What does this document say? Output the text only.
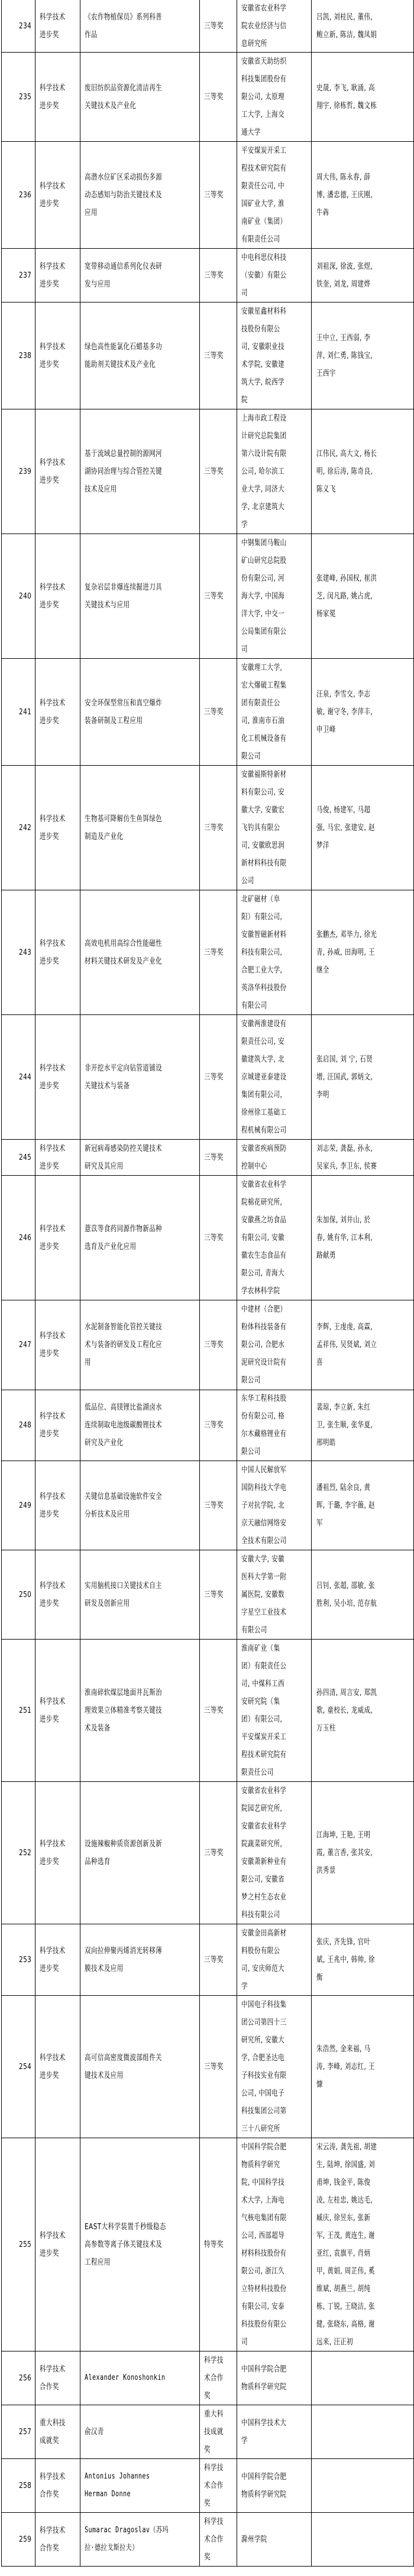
234
科学技术
进步奖
《农作物植保员》系列科普
作品
三等奖
安徽省农业科学
院农业经济与信
息研究所
吕凯, 刘桂民, 董伟,
鲍立新, 陈洁, 魏凤娟
235
科学技术
进步奖
废旧纺织品资源化清洁再生
关键技术及产业化
三等奖
安徽省天助纺织
科技集团股份有
限公司, 太原理
工大学, 上海交
通大学
史晟, 李飞, 耿涌, 高
翔宇, 徐栋哲, 魏文栋
236
科学技术
进步奖
高潜水位矿区采动损伤多源
动态感知与防治关键技术及
应用
三等奖
平安煤炭开采工
程技术研究院有
限责任公司, 中
国矿业大学, 淮
南矿业（集团）
有限责任公司
周大伟, 陈永春, 薛
博, 潘忠德, 王庆刚,
牛犇
237
科学技术
进步奖
宽带移动通信系列化仪表研
发与应用
三等奖
中电科思仪科技
（安徽）有限公
司
刘祖深, 徐波, 张煜,
铁奎, 刘龙, 周建烨
238
科学技术
进步奖
绿色高性能氯化石蜡基多功
能助剂关键技术及产业化
三等奖
安徽星鑫材料科
技股份有限公
司, 安徽职业技
术学院, 安徽建
筑大学, 皖西学
院
王中立, 王西弱, 李
萍, 刘仁勇, 陈钱宝,
王西宇
239
科学技术
进步奖
基于流域总量控制的源网河
湖协同治理与综合管控关键
技术及应用
三等奖
上海市政工程设
计研究总院集团
第六设计院有限
公司, 哈尔滨工
业大学, 同济大
学, 北京建筑大
学
江伟民, 高大文, 杨长
明, 徐后涛, 陈奇良,
陈义飞
240
科学技术
进步奖
复杂岩层非爆连续掘进刀具
关键技术与应用
三等奖
中钢集团马鞍山
矿山研究总院股
份有限公司, 河
海大学, 中国海
洋大学, 中交一
公局集团有限公
司
张建峰, 孙国权, 崔洪
芝, 闵凡路, 姚占虎,
杨家冕
241
科学技术
进步奖
安全环保型常压和真空爆炸
装备研制及工程应用
三等奖
安徽理工大学,
宏大爆破工程集
团有限责任公
司, 淮南市石油
化工机械设备有
限公司
汪泉, 李雪交, 李志
敏, 谢守冬, 李萍丰,
申卫峰
242
科学技术
进步奖
生物基可降解仿生鱼饵绿色
制造及产业化
三等奖
安徽福斯特新材
料有限公司, 安
徽大学, 安徽宏
飞钓具有限公
司, 安徽欧思润
新材料科技有限
公司
马俊, 杨建军, 马超
强, 马宏, 张建安, 赵
梦洋
243
科学技术
进步奖
高效电机用高综合性能磁性
材料关键技术研发及产业化
三等奖
北矿磁材（阜
阳）有限公司,
安徽智磁新材料
科技有限公司,
合肥工业大学,
英洛华科技股份
有限公司
张鹏杰, 邓毕力, 徐光
青, 孙威, 田海明, 王
继全
244
科学技术
进步奖
非开挖水平定向钻管道铺设
关键技术与装备
三等奖
安徽两淮建设有
限责任公司, 安
徽建筑大学, 北
京城建亚泰建设
集团有限公司,
徐州徐工基础工
程机械有限公司
张启国, 刘 宁, 石贤
增, 汪国武, 郭炳文,
李明
245
科学技术
进步奖
新冠病毒感染防控关键技术
研究及其应用
三等奖
安徽省疾病预防
控制中心
刘志荣, 龚磊, 孙永,
吴家兵, 李卫东, 侯赛
246
科学技术
进步奖
薏苡等食药同源作物新品种
选育及产业化应用
三等奖
安徽省农业科学
院棉花研究所,
安徽燕之坊食品
有限公司, 安徽
徽农生态食品有
限公司, 青海大
学农林科学院
朱加保, 刘井山, 於
春, 姚有华, 江本利,
路献勇
247
科学技术
进步奖
水泥制备智能化管控关键技
术与装备的研发及工程化应
用
三等奖
中建材（合肥）
粉体科技装备有
限公司, 合肥水
泥研究设计院有
限公司
李辉, 王虔虔, 高霖,
孟祥伟, 吴贤斌, 刘立
喜
248
科学技术
进步奖
低品位、高镁锂比盐湖卤水
连续制取电池级碳酸锂技术
研究及产业化
三等奖
东华工程科技股
份有限公司, 格
尔木藏格锂业有
限公司
裴琼, 李立新, 朱红
卫, 张生顺, 张华夏,
邢明皓
249
科学技术
进步奖
关键信息基础设施软件安全
分析技术及应用
三等奖
中国人民解放军
国防科技大学电
子对抗学院, 北
京天融信网络安
全技术有限公司
潘祖烈, 陆余良, 黄
晖, 于璐, 李宇薇, 赵
军
250
科学技术
进步奖
实用脑机接口关键技术自主
研发及创新应用
三等奖
安徽大学, 安徽
医科大学第一附
属医院, 安徽数
字星空工业技术
有限公司
吕钊, 张超, 邵敏, 张
胜利, 吴小培, 范存航
251
科学技术
进步奖
淮南碎软煤层地面井瓦斯治
理效果立体精准考察关键技
术及装备
三等奖
淮南矿业（集
团）有限责任公
司, 中煤科工西
安研究院（集
团）有限公司,
平安煤炭开采工
程技术研究院有
限责任公司
孙四清, 周言安, 郑凯
歌, 童校长, 龙威成,
万玉柱
252
科学技术
进步奖
设施辣椒种质资源创新及新
品种选育
三等奖
安徽省农业科学
院园艺研究所,
安徽省农业科学
院蔬菜研究所,
安徽萧新种业有
限公司, 安徽省
梦之村生态农业
科技有限公司
江海坤, 王艳, 王明
霞, 董言香, 张其安,
洪秀景
253
科学技术
进步奖
双向拉伸聚丙烯消光转移薄
膜技术及应用
三等奖
安徽金田高新材
料股份有限公
司, 安庆师范大
学
张庆, 齐先锋, 官叶
斌, 王兆中, 韩帅, 徐
衡
254
科学技术
进步奖
高可信高密度微波部组件关
键技术及应用
三等奖
中国电子科技集
团公司第四十三
研究所, 安徽大
学, 合肥圣达电
子科技实业有限
公司, 中国电子
科技集团公司第
三十八研究所
朱浩然, 金来福, 马
涛, 李峰, 刘志红, 王
慷
255
科学技术
进步奖
EAST大科学装置千秒级稳态
高参数等离子体关键技术及
工程应用
特等奖
中国科学院合肥
物质科学研究
院, 中国科学技
术大学, 上海电
气核电集团有限
公司, 西部超导
材料科技股份有
限公司, 浙江久
立特材科技股份
有限公司, 安泰
科技股份有限公
司
宋云涛, 龚先祖, 胡建
生, 陆坤, 徐国盛, 刘
甫坤, 钱金平, 陈俊
凌, 左桂忠, 姚达毛,
臧庆, 徐昱东, 张新
军, 王茂, 黄连生, 谢
亚红, 袁旗平, 肖炳
甲, 黄娟, 周芷伟, 奚
维斌, 胡燕兰, 胡纯
栋, 丁锐, 王晓洁, 张
健, 张晓东, 高格, 谢
远来, 汪正初
256
科学技术
合作奖
Alexander Konoshonkin
科学技
术合作
奖
中国科学院合肥
物质科学研究院
257
重大科技
成就奖
俞汉青
重大科
技成就
奖
中国科学技术大
学
258
科学技术
合作奖
Antonius Johannes
Herman Donne
科学技
术合作
奖
中国科学院合肥
物质科学研究院
259
科学技术
合作奖
Sumarac Dragoslav（苏玛
拉·德拉戈斯拉夫）
科学技
术合作
奖
滁州学院
